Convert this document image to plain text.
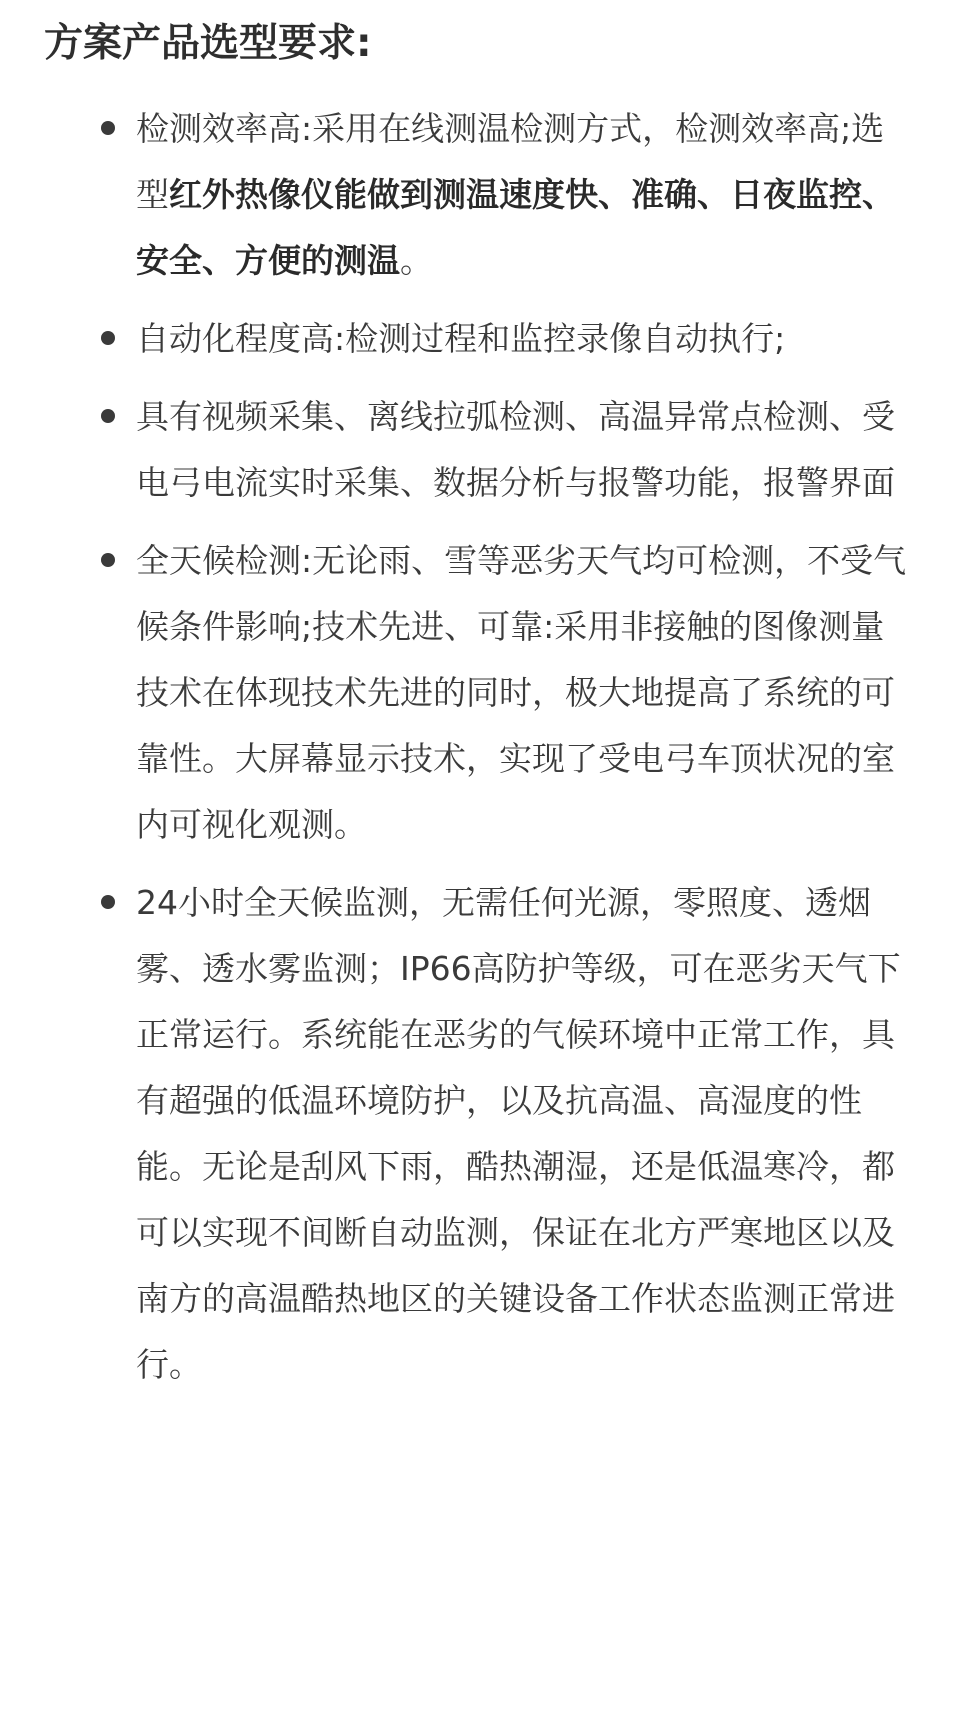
方案产品选型要求:
检测效率高:采用在线测温检测方式，检测效率高;选型红外热像仪能做到测温速度快、准确、日夜监控、安全、方便的测温。
自动化程度高:检测过程和监控录像自动执行;
具有视频采集、离线拉弧检测、高温异常点检测、受电弓电流实时采集、数据分析与报警功能，报警界面
全天候检测:无论雨、雪等恶劣天气均可检测，不受气候条件影响;技术先进、可靠:采用非接触的图像测量技术在体现技术先进的同时，极大地提高了系统的可靠性。大屏幕显示技术，实现了受电弓车顶状况的室内可视化观测。
24小时全天候监测，无需任何光源，零照度、透烟雾、透水雾监测；IP66高防护等级，可在恶劣天气下正常运行。系统能在恶劣的气候环境中正常工作，具有超强的低温环境防护，以及抗高温、高湿度的性能。无论是刮风下雨，酷热潮湿，还是低温寒冷，都可以实现不间断自动监测，保证在北方严寒地区以及南方的高温酷热地区的关键设备工作状态监测正常进行。
